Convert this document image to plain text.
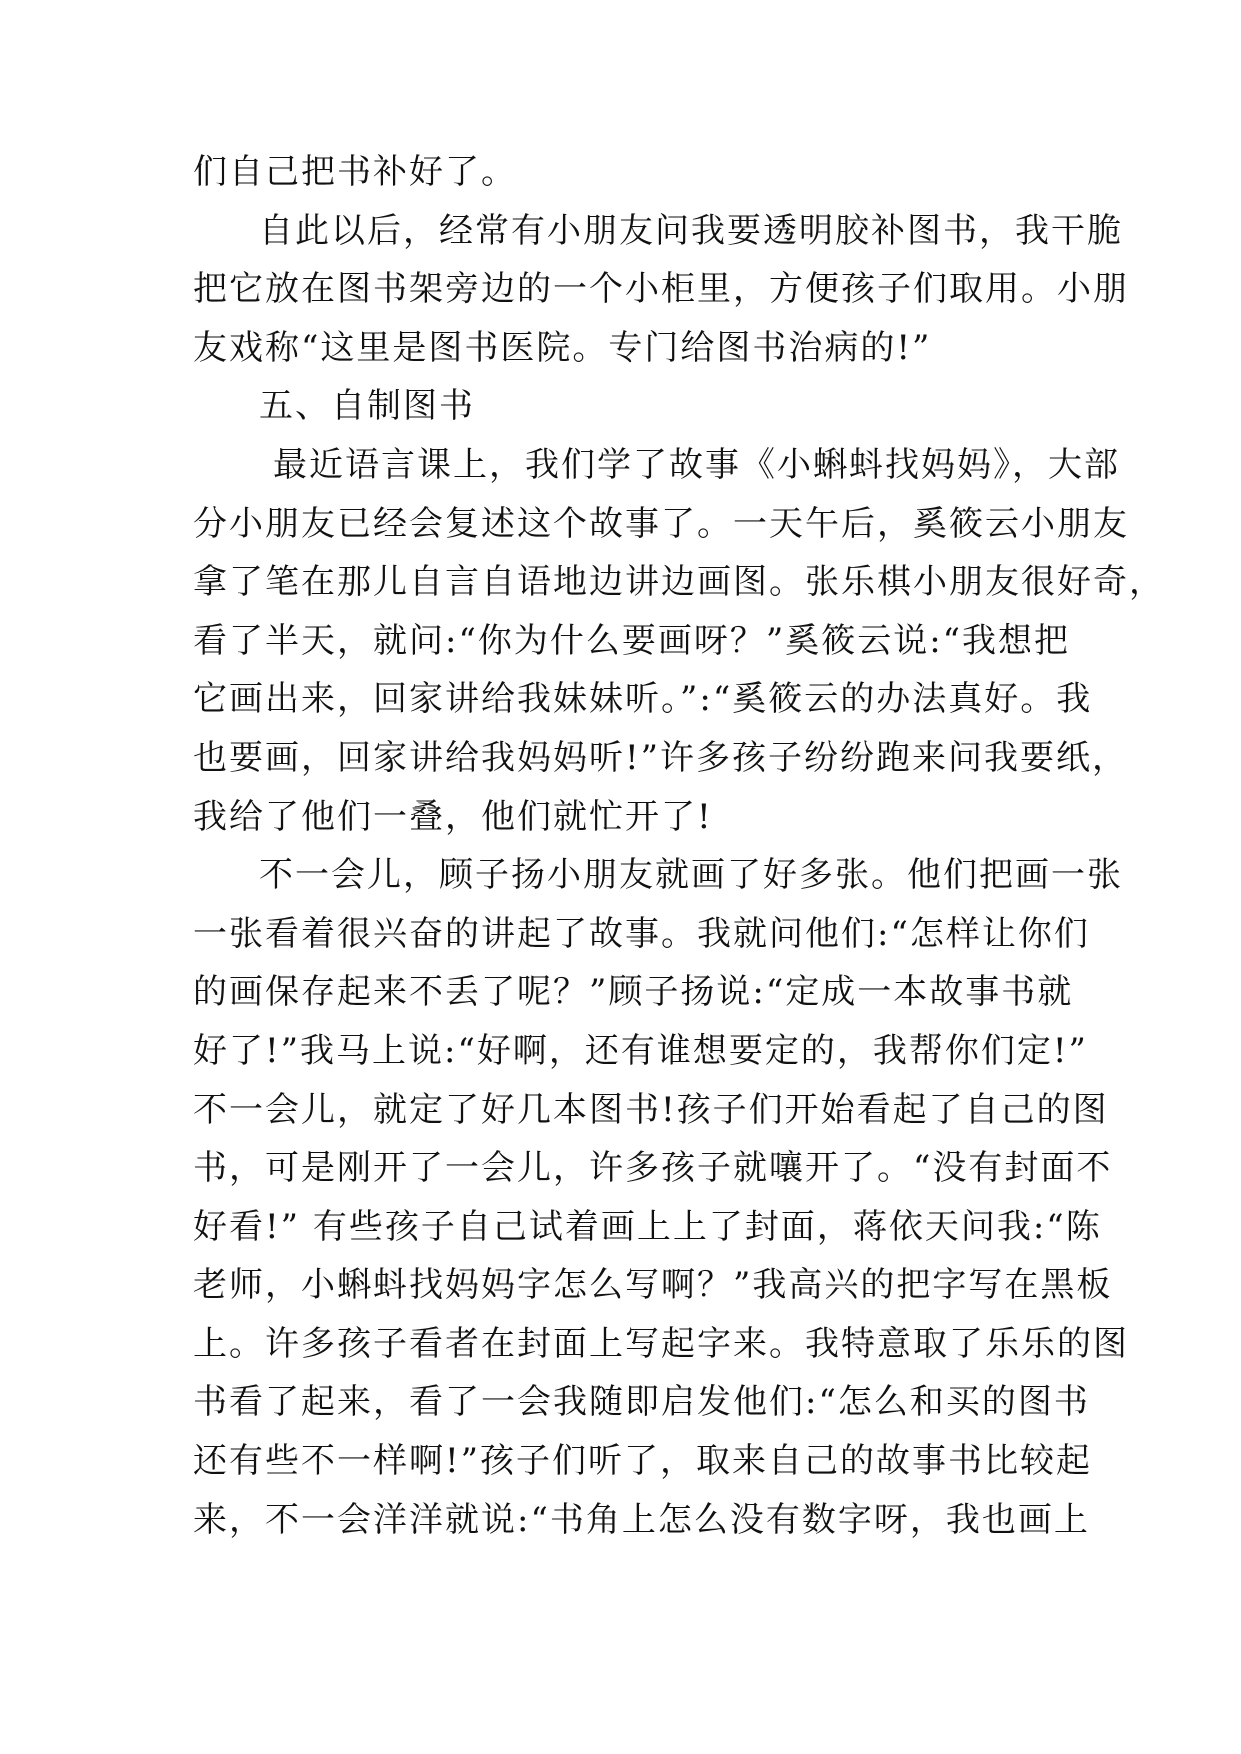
们自己把书补好了。
自此以后，经常有小朋友问我要透明胶补图书，我干脆
把它放在图书架旁边的一个小柜里，方便孩子们取用。小朋
友戏称“这里是图书医院。专门给图书治病的!”
五、自制图书
最近语言课上，我们学了故事《小蝌蚪找妈妈》，大部
分小朋友已经会复述这个故事了。一天午后，奚筱云小朋友
拿了笔在那儿自言自语地边讲边画图。张乐棋小朋友很好奇，
看了半天，就问:“你为什么要画呀？”奚筱云说:“我想把
它画出来，回家讲给我妹妹听。”:“奚筱云的办法真好。我
也要画，回家讲给我妈妈听!”许多孩子纷纷跑来问我要纸，
我给了他们一叠，他们就忙开了!
不一会儿，顾子扬小朋友就画了好多张。他们把画一张
一张看着很兴奋的讲起了故事。我就问他们:“怎样让你们
的画保存起来不丢了呢？”顾子扬说:“定成一本故事书就
好了!”我马上说:“好啊，还有谁想要定的，我帮你们定!”
不一会儿，就定了好几本图书!孩子们开始看起了自己的图
书，可是刚开了一会儿，许多孩子就嚷开了。“没有封面不
好看!” 有些孩子自己试着画上上了封面，蒋依天问我:“陈
老师，小蝌蚪找妈妈字怎么写啊？”我高兴的把字写在黑板
上。许多孩子看者在封面上写起字来。我特意取了乐乐的图
书看了起来，看了一会我随即启发他们:“怎么和买的图书
还有些不一样啊!”孩子们听了，取来自己的故事书比较起
来，不一会洋洋就说:“书角上怎么没有数字呀，我也画上
